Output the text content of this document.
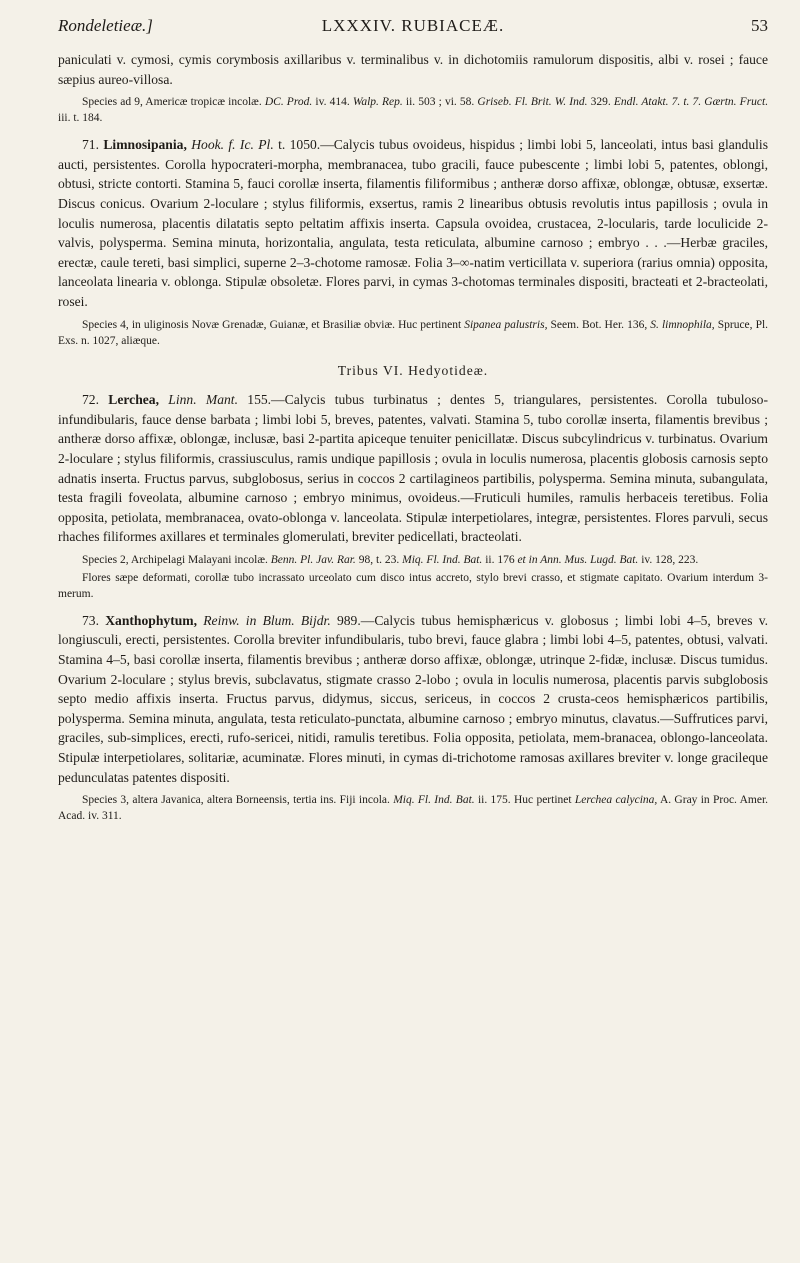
Rondeletieæ.]	LXXXIV. RUBIACEÆ.	53

paniculati v. cymosi, cymis corymbosis axillaribus v. terminalibus v. in dichotomiis ramulorum dispositis, albi v. rosei ; fauce sæpius aureo-villosa.

Species ad 9, Americæ tropicæ incolæ. DC. Prod. iv. 414. Walp. Rep. ii. 503 ; vi. 58. Griseb. Fl. Brit. W. Ind. 329. Endl. Atakt. 7. t. 7. Gærtn. Fruct. iii. t. 184.

71. Limnosipania, Hook. f. Ic. Pl. t. 1050.—Calycis tubus ovoideus, hispidus ; limbi lobi 5, lanceolati, intus basi glandulis aucti, persistentes. Corolla hypocrateri-morpha, membranacea, tubo gracili, fauce pubescente ; limbi lobi 5, patentes, oblongi, obtusi, stricte contorti. Stamina 5, fauci corollæ inserta, filamentis filiformibus ; antheræ dorso affixæ, oblongæ, obtusæ, exsertæ. Discus conicus. Ovarium 2-loculare ; stylus filiformis, exsertus, ramis 2 linearibus obtusis revolutis intus papillosis ; ovula in loculis numerosa, placentis dilatatis septo peltatim affixis inserta. Capsula ovoidea, crustacea, 2-locularis, tarde loculicide 2-valvis, polysperma. Semina minuta, horizontalia, angulata, testa reticulata, albumine carnoso ; embryo . . .—Herbæ graciles, erectæ, caule tereti, basi simplici, superne 2–3-chotome ramosæ. Folia 3–∞-natim verticillata v. superiora (rarius omnia) opposita, lanceolata linearia v. oblonga. Stipulæ obsoletæ. Flores parvi, in cymas 3-chotomas terminales dispositi, bracteati et 2-bracteolati, rosei.

Species 4, in uliginosis Novæ Grenadæ, Guianæ, et Brasiliæ obviæ. Huc pertinent Sipanea palustris, Seem. Bot. Her. 136, S. limnophila, Spruce, Pl. Exs. n. 1027, aliæque.

Tribus VI. Hedyotideæ.

72. Lerchea, Linn. Mant. 155.—Calycis tubus turbinatus ; dentes 5, triangulares, persistentes. Corolla tubuloso-infundibularis, fauce dense barbata ; limbi lobi 5, breves, patentes, valvati. Stamina 5, tubo corollæ inserta, filamentis brevibus ; antheræ dorso affixæ, oblongæ, inclusæ, basi 2-partita apiceque tenuiter penicillatæ. Discus subcylindricus v. turbinatus. Ovarium 2-loculare ; stylus filiformis, crassiusculus, ramis undique papillosis ; ovula in loculis numerosa, placentis globosis carnosis septo adnatis inserta. Fructus parvus, subglobosus, serius in coccos 2 cartilagineos partibilis, polysperma. Semina minuta, subangulata, testa fragili foveolata, albumine carnoso ; embryo minimus, ovoideus.—Fruticuli humiles, ramulis herbaceis teretibus. Folia opposita, petiolata, membranacea, ovato-oblonga v. lanceolata. Stipulæ interpetiolares, integræ, persistentes. Flores parvuli, secus rhaches filiformes axillares et terminales glomerulati, breviter pedicellati, bracteolati.

Species 2, Archipelagi Malayani incolæ. Benn. Pl. Jav. Rar. 98, t. 23. Miq. Fl. Ind. Bat. ii. 176 et in Ann. Mus. Lugd. Bat. iv. 128, 223.

Flores sæpe deformati, corollæ tubo incrassato urceolato cum disco intus accreto, stylo brevi crasso, et stigmate capitato. Ovarium interdum 3-merum.

73. Xanthophytum, Reinw. in Blum. Bijdr. 989.—Calycis tubus hemisphæricus v. globosus ; limbi lobi 4–5, breves v. longiusculi, erecti, persistentes. Corolla breviter infundibularis, tubo brevi, fauce glabra ; limbi lobi 4–5, patentes, obtusi, valvati. Stamina 4–5, basi corollæ inserta, filamentis brevibus ; antheræ dorso affixæ, oblongæ, utrinque 2-fidæ, inclusæ. Discus tumidus. Ovarium 2-loculare ; stylus brevis, subclavatus, stigmate crasso 2-lobo ; ovula in loculis numerosa, placentis parvis subglobosis septo medio affixis inserta. Fructus parvus, didymus, siccus, sericeus, in coccos 2 crusta-ceos hemisphæricos partibilis, polysperma. Semina minuta, angulata, testa reticulato-punctata, albumine carnoso ; embryo minutus, clavatus.—Suffrutices parvi, graciles, sub-simplices, erecti, rufo-sericei, nitidi, ramulis teretibus. Folia opposita, petiolata, mem-branacea, oblongo-lanceolata. Stipulæ interpetiolares, solitariæ, acuminatæ. Flores minuti, in cymas di-trichotome ramosas axillares breviter v. longe gracileque pedunculatas patentes dispositi.

Species 3, altera Javanica, altera Borneensis, tertia ins. Fiji incola. Miq. Fl. Ind. Bat. ii. 175. Huc pertinet Lerchea calycina, A. Gray in Proc. Amer. Acad. iv. 311.
